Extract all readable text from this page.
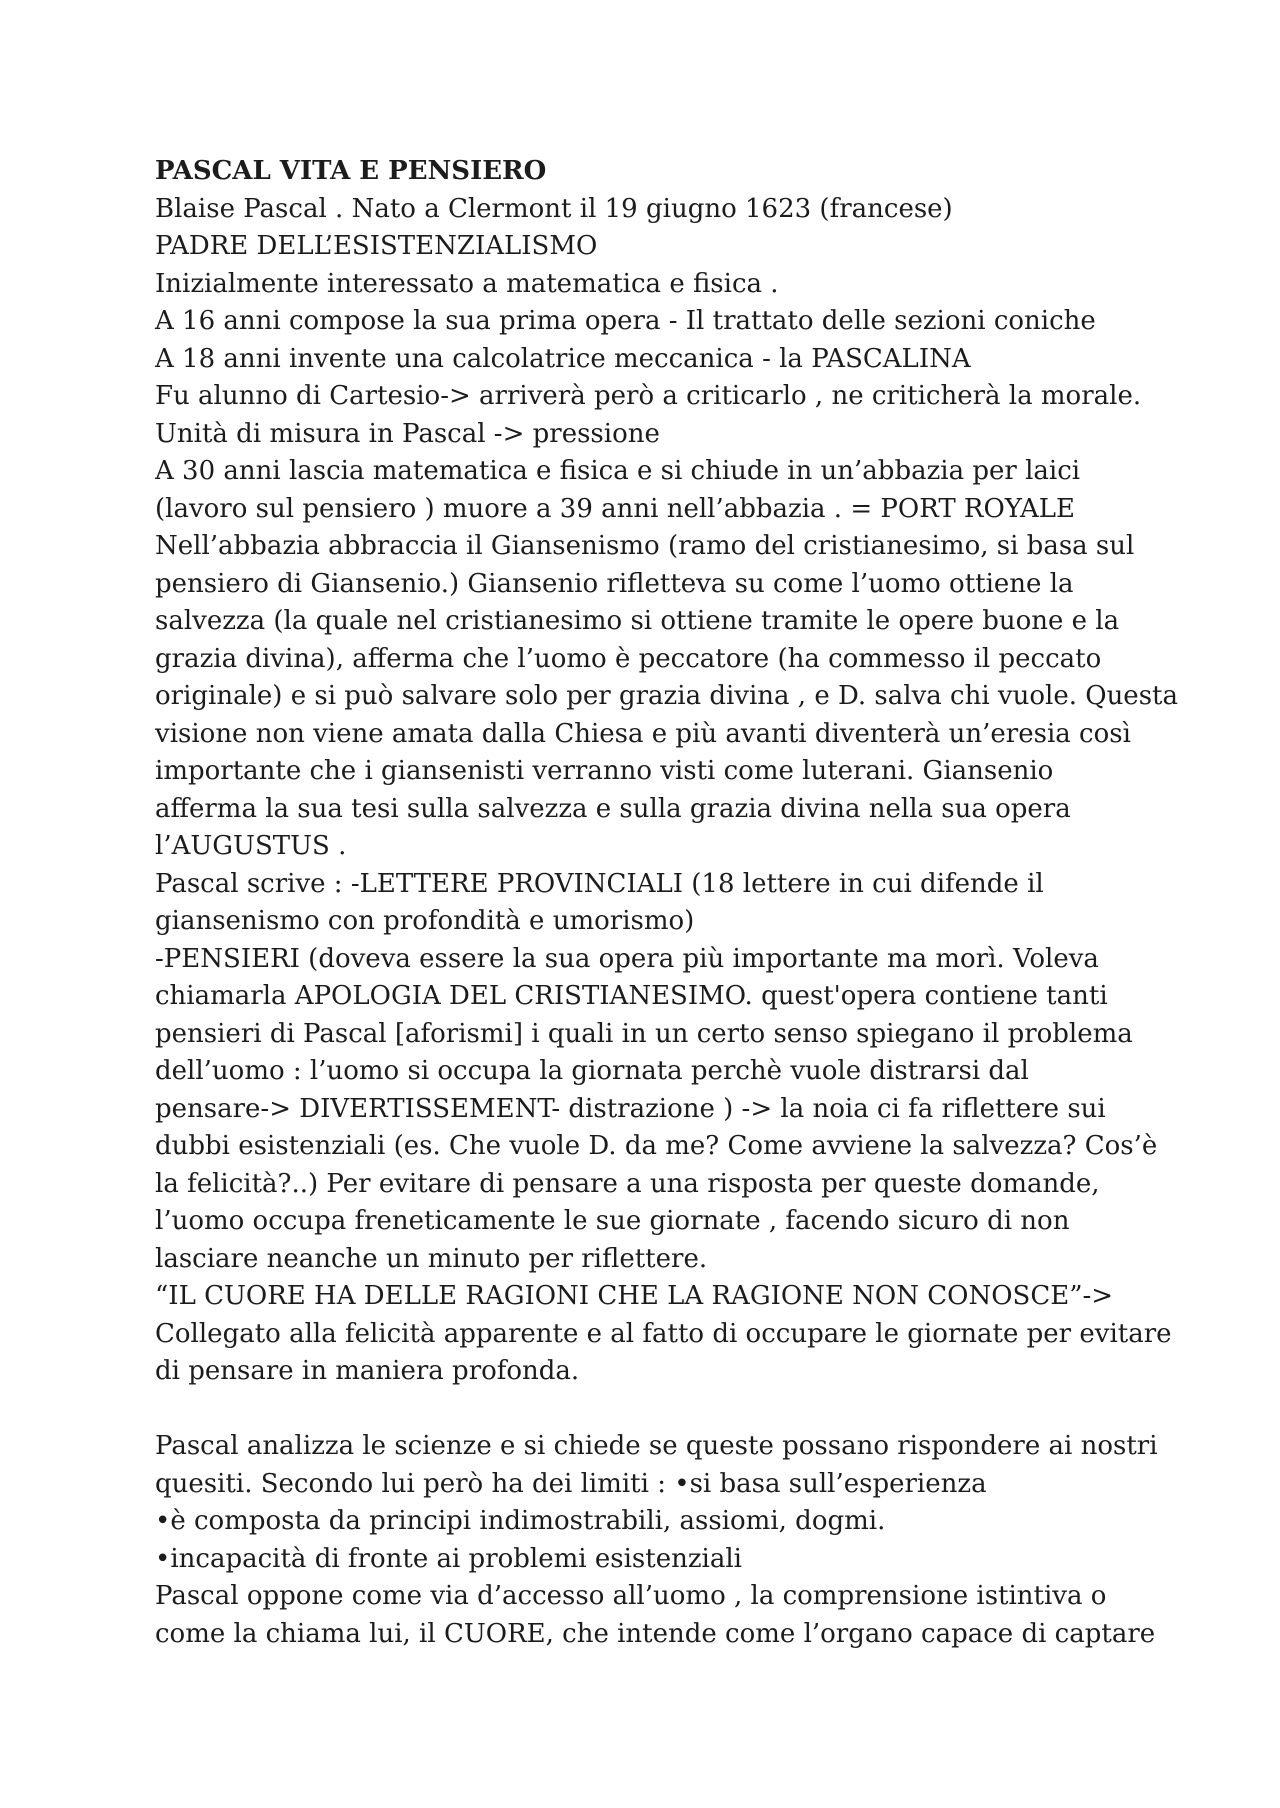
PASCAL VITA E PENSIERO
Blaise Pascal . Nato a Clermont il 19 giugno 1623 (francese)
PADRE DELL’ESISTENZIALISMO
Inizialmente interessato a matematica e fisica .
A 16 anni compose la sua prima opera - Il trattato delle sezioni coniche
A 18 anni invente una calcolatrice meccanica - la PASCALINA
Fu alunno di Cartesio-> arriverà però a criticarlo , ne criticherà la morale.
Unità di misura in Pascal -> pressione
A 30 anni lascia matematica e fisica e si chiude in un’abbazia per laici
(lavoro sul pensiero ) muore a 39 anni nell’abbazia . = PORT ROYALE
Nell’abbazia abbraccia il Giansenismo (ramo del cristianesimo, si basa sul
pensiero di Giansenio.) Giansenio rifletteva su come l’uomo ottiene la
salvezza (la quale nel cristianesimo si ottiene tramite le opere buone e la
grazia divina), afferma che l’uomo è peccatore (ha commesso il peccato
originale) e si può salvare solo per grazia divina , e D. salva chi vuole. Questa
visione non viene amata dalla Chiesa e più avanti diventerà un’eresia così
importante che i giansenisti verranno visti come luterani. Giansenio
afferma la sua tesi sulla salvezza e sulla grazia divina nella sua opera
l’AUGUSTUS .
Pascal scrive : -LETTERE PROVINCIALI (18 lettere in cui difende il
giansenismo con profondità e umorismo)
-PENSIERI (doveva essere la sua opera più importante ma morì. Voleva
chiamarla APOLOGIA DEL CRISTIANESIMO. quest'opera contiene tanti
pensieri di Pascal [aforismi] i quali in un certo senso spiegano il problema
dell’uomo : l’uomo si occupa la giornata perchè vuole distrarsi dal
pensare-> DIVERTISSEMENT- distrazione ) -> la noia ci fa riflettere sui
dubbi esistenziali (es. Che vuole D. da me? Come avviene la salvezza? Cos’è
la felicità?..) Per evitare di pensare a una risposta per queste domande,
l’uomo occupa freneticamente le sue giornate , facendo sicuro di non
lasciare neanche un minuto per riflettere.
“IL CUORE HA DELLE RAGIONI CHE LA RAGIONE NON CONOSCE”->
Collegato alla felicità apparente e al fatto di occupare le giornate per evitare
di pensare in maniera profonda.
Pascal analizza le scienze e si chiede se queste possano rispondere ai nostri
quesiti. Secondo lui però ha dei limiti : •si basa sull’esperienza
•è composta da principi indimostrabili, assiomi, dogmi.
•incapacità di fronte ai problemi esistenziali
Pascal oppone come via d’accesso all’uomo , la comprensione istintiva o
come la chiama lui, il CUORE, che intende come l’organo capace di captare
